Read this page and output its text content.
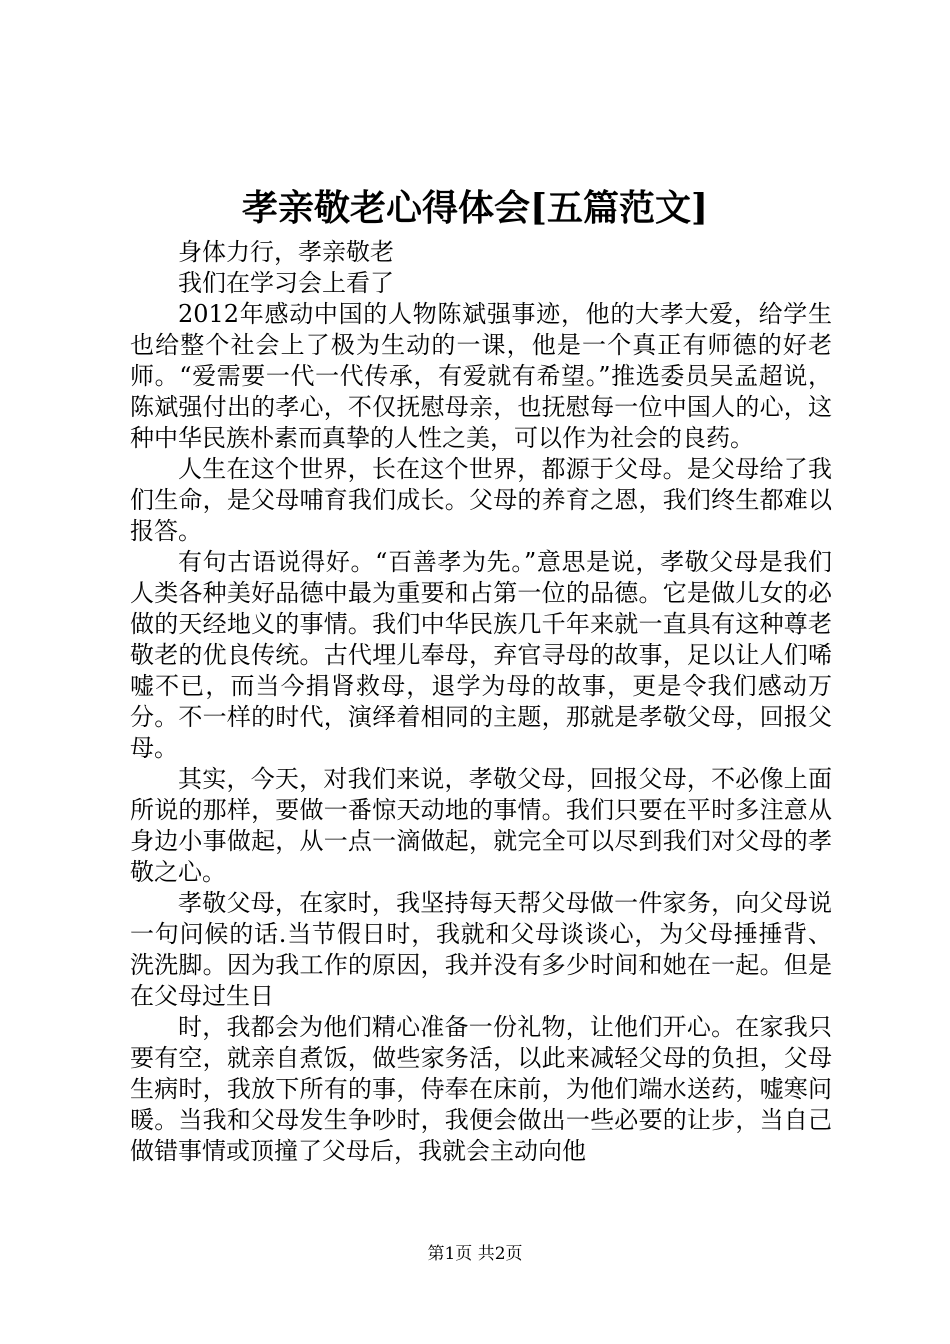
孝亲敬老心得体会[五篇范文]

身体力行，孝亲敬老

我们在学习会上看了

2012年感动中国的人物陈斌强事迹，他的大孝大爱，给学生也给整个社会上了极为生动的一课，他是一个真正有师德的好老师。“爱需要一代一代传承，有爱就有希望。”推选委员吴孟超说，陈斌强付出的孝心，不仅抚慰母亲，也抚慰每一位中国人的心，这种中华民族朴素而真挚的人性之美，可以作为社会的良药。

人生在这个世界，长在这个世界，都源于父母。是父母给了我们生命，是父母哺育我们成长。父母的养育之恩，我们终生都难以报答。

有句古语说得好。“百善孝为先。”意思是说，孝敬父母是我们人类各种美好品德中最为重要和占第一位的品德。它是做儿女的必做的天经地义的事情。我们中华民族几千年来就一直具有这种尊老敬老的优良传统。古代埋儿奉母，弃官寻母的故事，足以让人们唏嘘不已，而当今捐肾救母，退学为母的故事，更是令我们感动万分。不一样的时代，演绎着相同的主题，那就是孝敬父母，回报父母。

其实，今天，对我们来说，孝敬父母，回报父母，不必像上面所说的那样，要做一番惊天动地的事情。我们只要在平时多注意从身边小事做起，从一点一滴做起，就完全可以尽到我们对父母的孝敬之心。

孝敬父母，在家时，我坚持每天帮父母做一件家务，向父母说一句问候的话.当节假日时，我就和父母谈谈心，为父母捶捶背、洗洗脚。因为我工作的原因，我并没有多少时间和她在一起。但是在父母过生日

时，我都会为他们精心准备一份礼物，让他们开心。在家我只要有空，就亲自煮饭，做些家务活，以此来减轻父母的负担，父母生病时，我放下所有的事，侍奉在床前，为他们端水送药，嘘寒问暖。当我和父母发生争吵时，我便会做出一些必要的让步，当自己做错事情或顶撞了父母后，我就会主动向他

第1页 共2页
